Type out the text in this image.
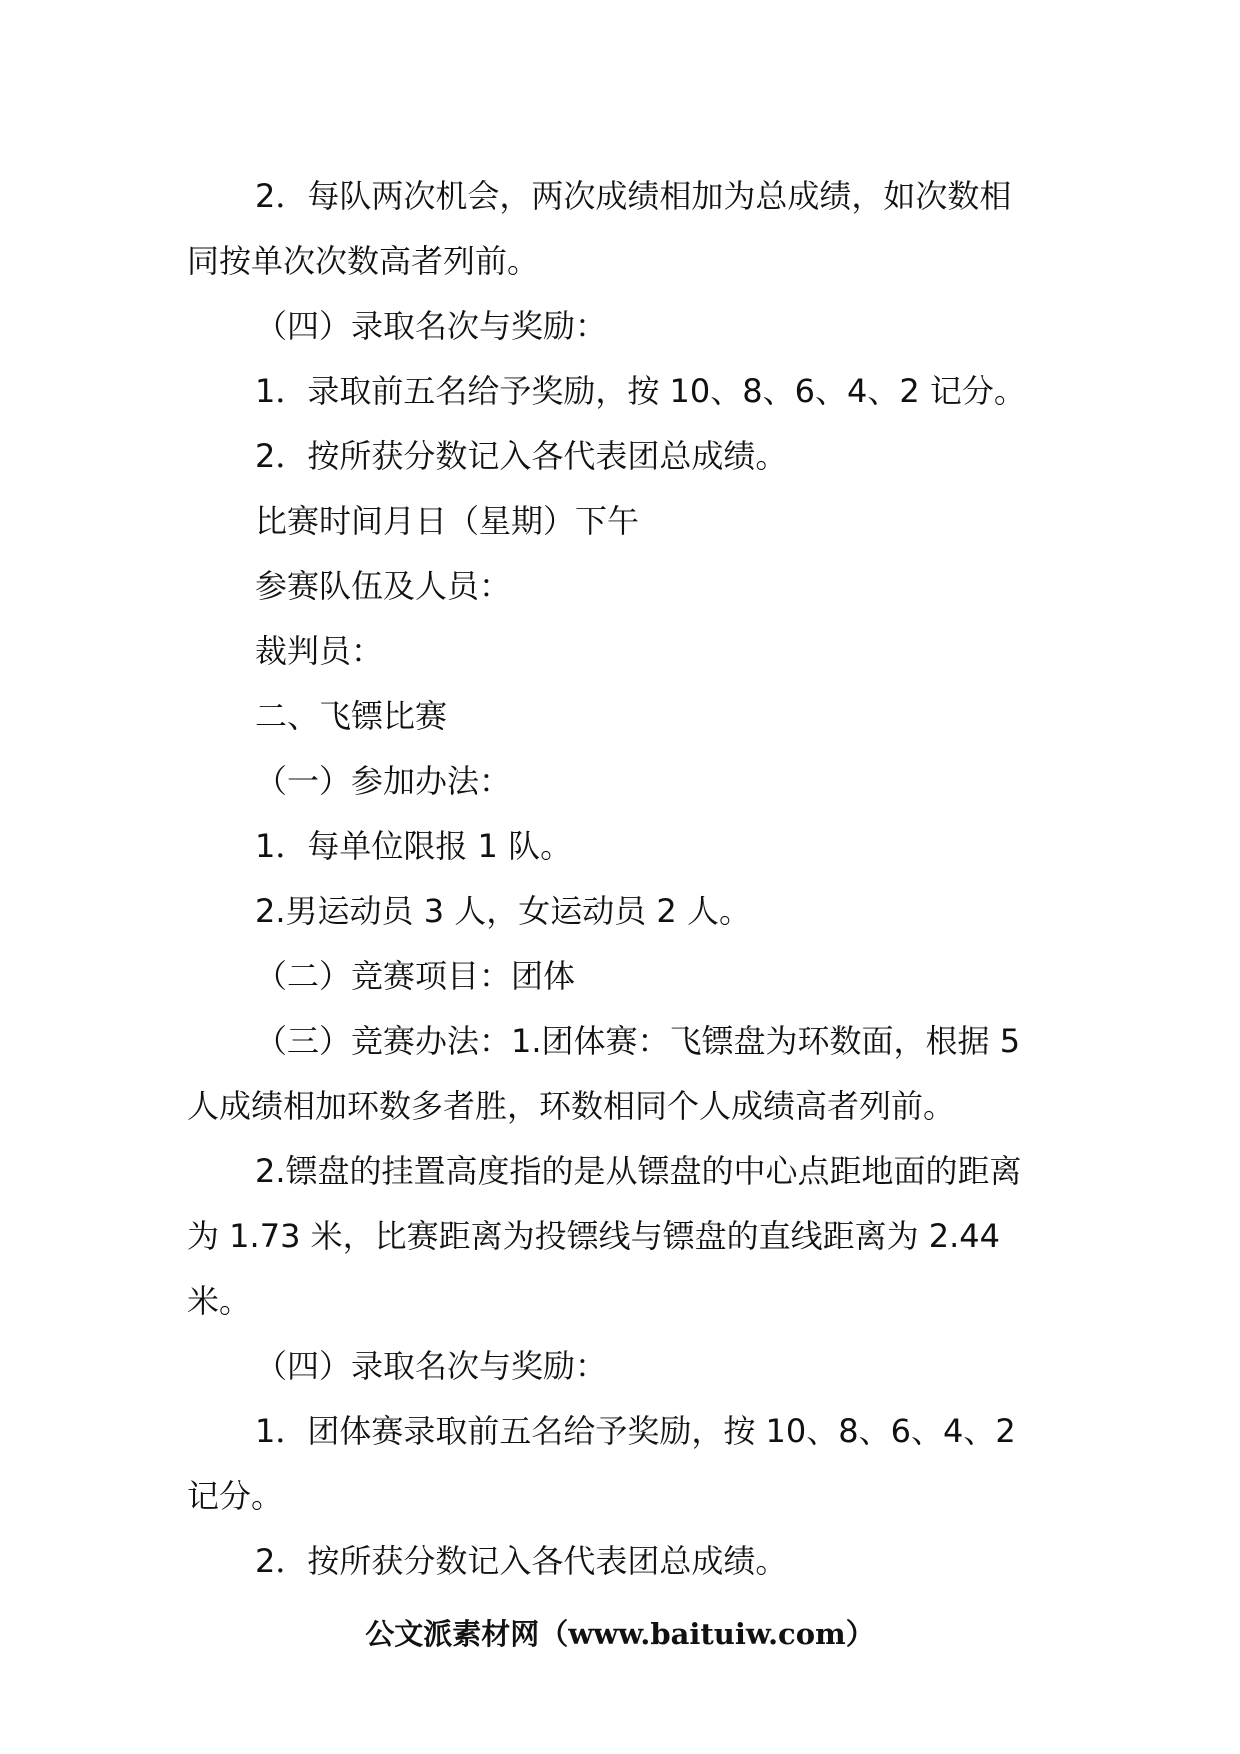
2．每队两次机会，两次成绩相加为总成绩，如次数相

同按单次次数高者列前。

（四）录取名次与奖励：

1．录取前五名给予奖励，按 10、8、6、4、2 记分。

2．按所获分数记入各代表团总成绩。

比赛时间月日（星期）下午

参赛队伍及人员：

裁判员：

二、飞镖比赛

（一）参加办法：

1．每单位限报 1 队。

2.男运动员 3 人，女运动员 2 人。

（二）竞赛项目：团体

（三）竞赛办法：1.团体赛：飞镖盘为环数面，根据 5

人成绩相加环数多者胜，环数相同个人成绩高者列前。

2.镖盘的挂置高度指的是从镖盘的中心点距地面的距离

为 1.73 米，比赛距离为投镖线与镖盘的直线距离为 2.44

米。

（四）录取名次与奖励：

1．团体赛录取前五名给予奖励，按 10、8、6、4、2

记分。

2．按所获分数记入各代表团总成绩。

公文派素材网（www.baituiw.com）
